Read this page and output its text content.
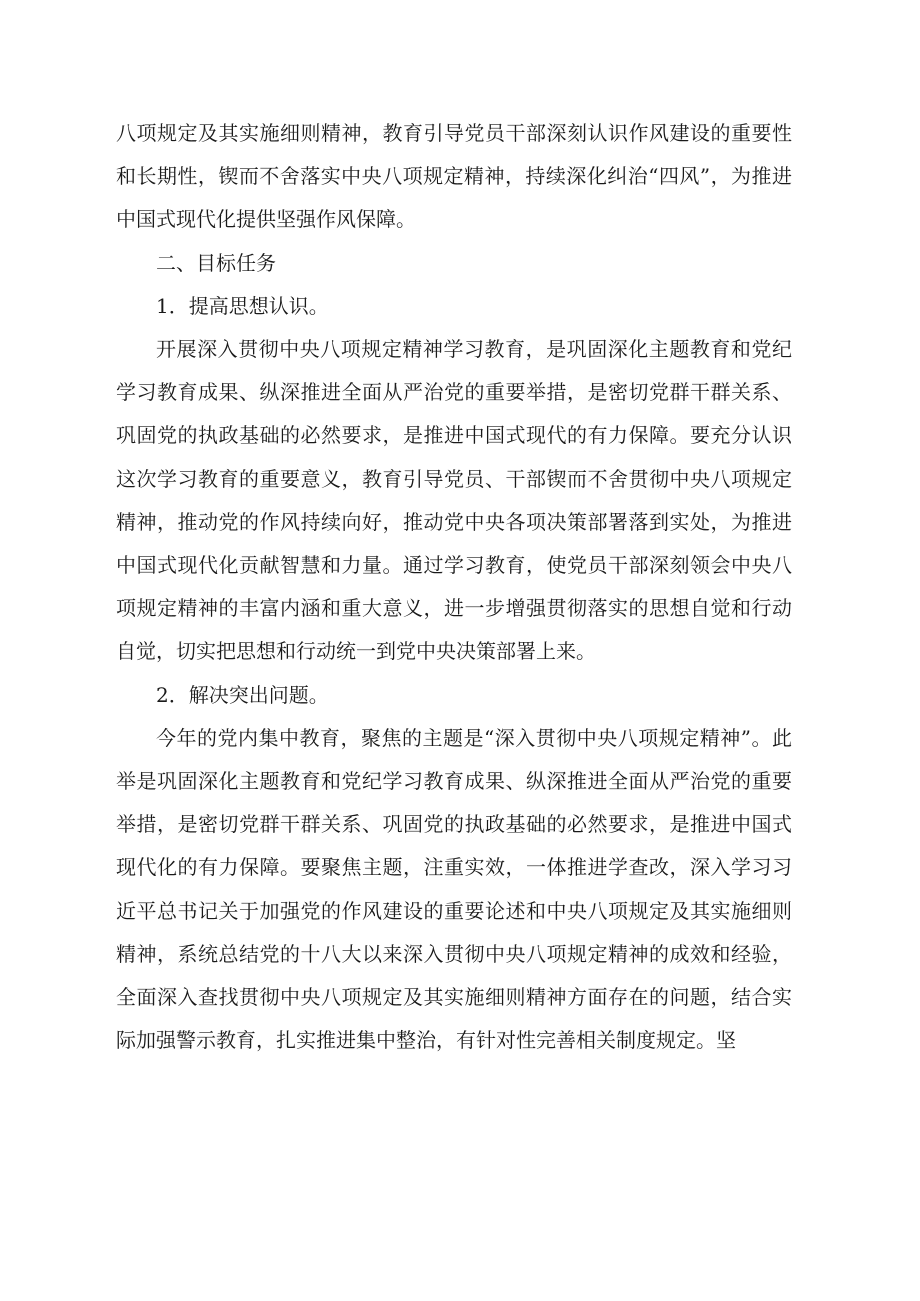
八项规定及其实施细则精神，教育引导党员干部深刻认识作风建设的重要性和长期性，锲而不舍落实中央八项规定精神，持续深化纠治“四风”，为推进中国式现代化提供坚强作风保障。

二、目标任务

1．提高思想认识。

开展深入贯彻中央八项规定精神学习教育，是巩固深化主题教育和党纪学习教育成果、纵深推进全面从严治党的重要举措，是密切党群干群关系、巩固党的执政基础的必然要求，是推进中国式现代的有力保障。要充分认识这次学习教育的重要意义，教育引导党员、干部锲而不舍贯彻中央八项规定精神，推动党的作风持续向好，推动党中央各项决策部署落到实处，为推进中国式现代化贡献智慧和力量。通过学习教育，使党员干部深刻领会中央八项规定精神的丰富内涵和重大意义，进一步增强贯彻落实的思想自觉和行动自觉，切实把思想和行动统一到党中央决策部署上来。

2．解决突出问题。

今年的党内集中教育，聚焦的主题是“深入贯彻中央八项规定精神”。此举是巩固深化主题教育和党纪学习教育成果、纵深推进全面从严治党的重要举措，是密切党群干群关系、巩固党的执政基础的必然要求，是推进中国式现代化的有力保障。要聚焦主题，注重实效，一体推进学查改，深入学习习近平总书记关于加强党的作风建设的重要论述和中央八项规定及其实施细则精神，系统总结党的十八大以来深入贯彻中央八项规定精神的成效和经验，全面深入查找贯彻中央八项规定及其实施细则精神方面存在的问题，结合实际加强警示教育，扎实推进集中整治，有针对性完善相关制度规定。坚
